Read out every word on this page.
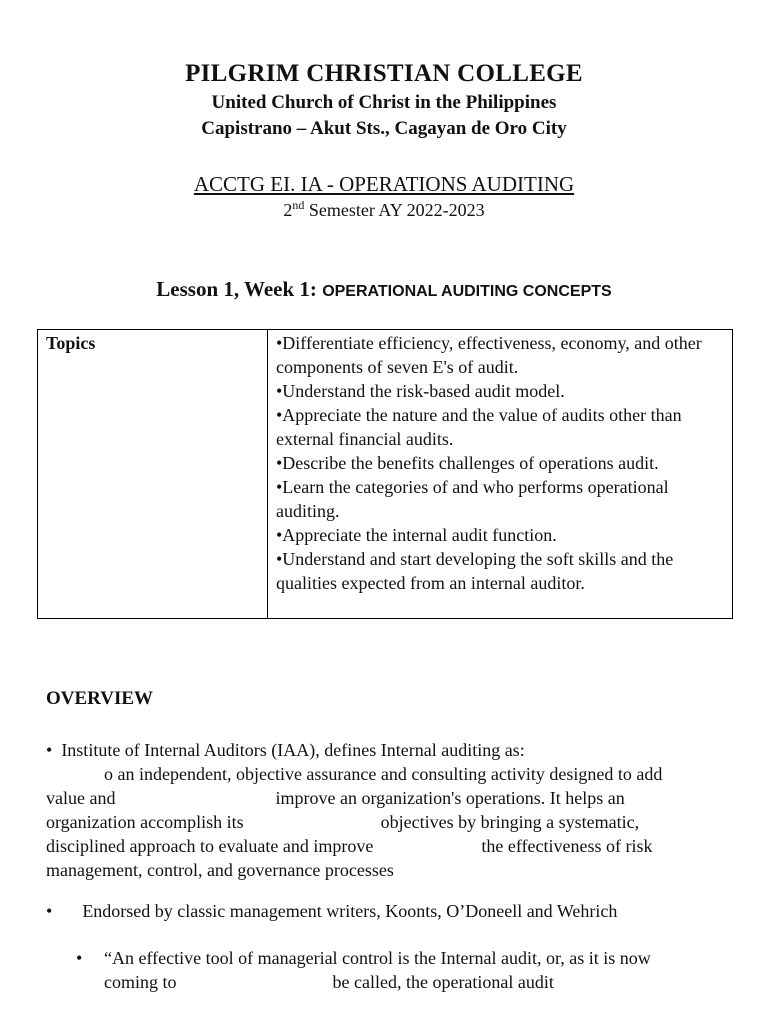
PILGRIM CHRISTIAN COLLEGE
United Church of Christ in the Philippines
Capistrano – Akut Sts., Cagayan de Oro City
ACCTG EI. IA - OPERATIONS AUDITING
2nd Semester AY 2022-2023
Lesson 1, Week 1: OPERATIONAL AUDITING CONCEPTS
Topics	•Differentiate efficiency, effectiveness, economy, and other components of seven E's of audit.
•Understand the risk-based audit model.
•Appreciate the nature and the value of audits other than external financial audits.
•Describe the benefits challenges of operations audit.
•Learn the categories of and who performs operational auditing.
•Appreciate the internal audit function.
•Understand and start developing the soft skills and the qualities expected from an internal auditor.
OVERVIEW
• Institute of Internal Auditors (IAA), defines Internal auditing as:
o an independent, objective assurance and consulting activity designed to add
value and	improve an organization's operations. It helps an
organization accomplish its	objectives by bringing a systematic,
disciplined approach to evaluate and improve	the effectiveness of risk
management, control, and governance processes
• Endorsed by classic management writers, Koonts, O’Doneell and Wehrich
• “An effective tool of managerial control is the Internal audit, or, as it is now
coming to	be called, the operational audit
